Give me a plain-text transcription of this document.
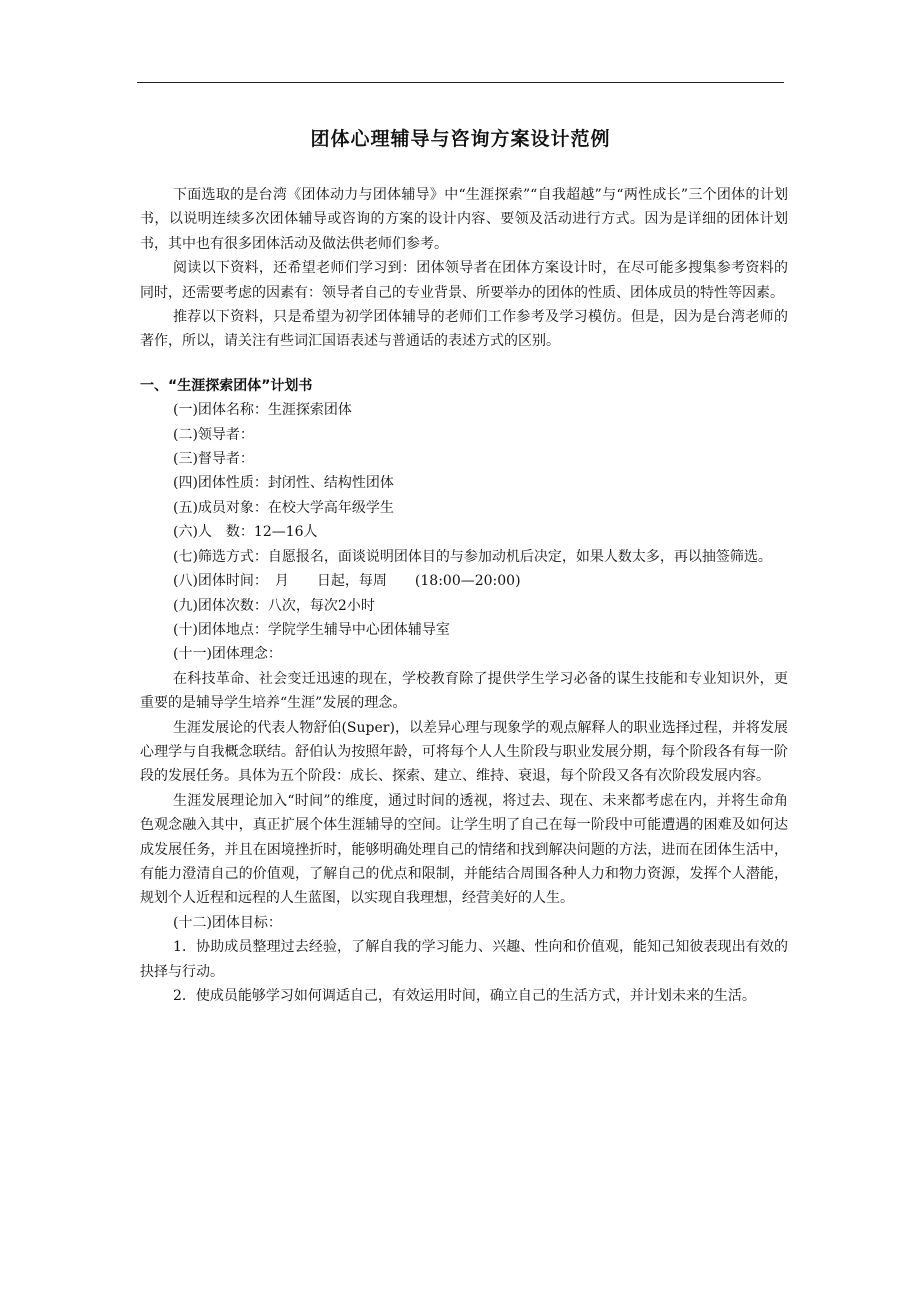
团体心理辅导与咨询方案设计范例

下面选取的是台湾《团体动力与团体辅导》中“生涯探索”“自我超越”与“两性成长”三个团体的计划书，以说明连续多次团体辅导或咨询的方案的设计内容、要领及活动进行方式。因为是详细的团体计划书，其中也有很多团体活动及做法供老师们参考。

阅读以下资料，还希望老师们学习到：团体领导者在团体方案设计时，在尽可能多搜集参考资料的同时，还需要考虑的因素有：领导者自己的专业背景、所要举办的团体的性质、团体成员的特性等因素。

推荐以下资料，只是希望为初学团体辅导的老师们工作参考及学习模仿。但是，因为是台湾老师的著作，所以，请关注有些词汇国语表述与普通话的表述方式的区别。

一、“生涯探索团体”计划书

(一)团体名称：生涯探索团体

(二)领导者：

(三)督导者：

(四)团体性质：封闭性、结构性团体

(五)成员对象：在校大学高年级学生

(六)人　数：12—16人

(七)筛选方式：自愿报名，面谈说明团体目的与参加动机后决定，如果人数太多，再以抽签筛选。

(八)团体时间：　月　　日起，每周　　(18:00—20:00)

(九)团体次数：八次，每次2小时

(十)团体地点：学院学生辅导中心团体辅导室

(十一)团体理念：

在科技革命、社会变迁迅速的现在，学校教育除了提供学生学习必备的谋生技能和专业知识外，更重要的是辅导学生培养“生涯”发展的理念。

生涯发展论的代表人物舒伯(Super)，以差异心理与现象学的观点解释人的职业选择过程，并将发展心理学与自我概念联结。舒伯认为按照年龄，可将每个人人生阶段与职业发展分期，每个阶段各有每一阶段的发展任务。具体为五个阶段：成长、探索、建立、维持、衰退，每个阶段又各有次阶段发展内容。

生涯发展理论加入“时间”的维度，通过时间的透视，将过去、现在、未来都考虑在内，并将生命角色观念融入其中，真正扩展个体生涯辅导的空间。让学生明了自己在每一阶段中可能遭遇的困难及如何达成发展任务，并且在困境挫折时，能够明确处理自己的情绪和找到解决问题的方法，进而在团体生活中，有能力澄清自己的价值观，了解自己的优点和限制，并能结合周围各种人力和物力资源，发挥个人潜能，规划个人近程和远程的人生蓝图，以实现自我理想，经营美好的人生。

(十二)团体目标：

1．协助成员整理过去经验，了解自我的学习能力、兴趣、性向和价值观，能知己知彼表现出有效的抉择与行动。

2．使成员能够学习如何调适自己，有效运用时间，确立自己的生活方式，并计划未来的生活。
